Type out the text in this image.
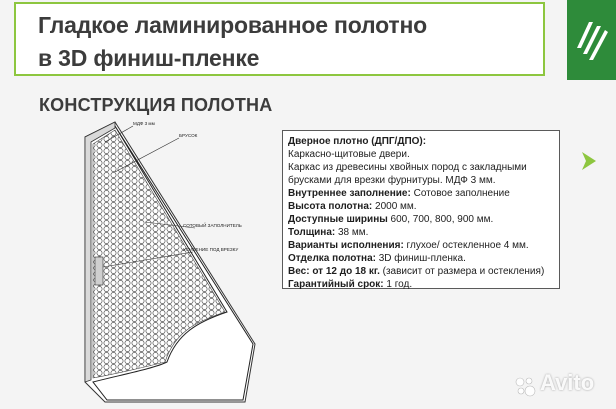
Гладкое ламинированное полотно
в 3D финиш-пленке
КОНСТРУКЦИЯ ПОЛОТНА
МДФ 3 мм
БРУСОК
СОТОВЫЙ ЗАПОЛНИТЕЛЬ
УСИЛЕНИЕ ПОД ВРЕЗКУ
Дверное плотно (ДПГ/ДПО):
Каркасно-щитовые двери.
Каркас из древесины хвойных пород с закладными
брусками для врезки фурнитуры. МДФ 3 мм.
Внутреннее заполнение: Сотовое заполнение
Высота полотна: 2000 мм.
Доступные ширины 600, 700, 800, 900 мм.
Толщина: 38 мм.
Варианты исполнения: глухое/ остекленное 4 мм.
Отделка полотна: 3D финиш-пленка.
Вес: от 12 до 18 кг. (зависит от размера и остекления)
Гарантийный срок: 1 год.
Avito
